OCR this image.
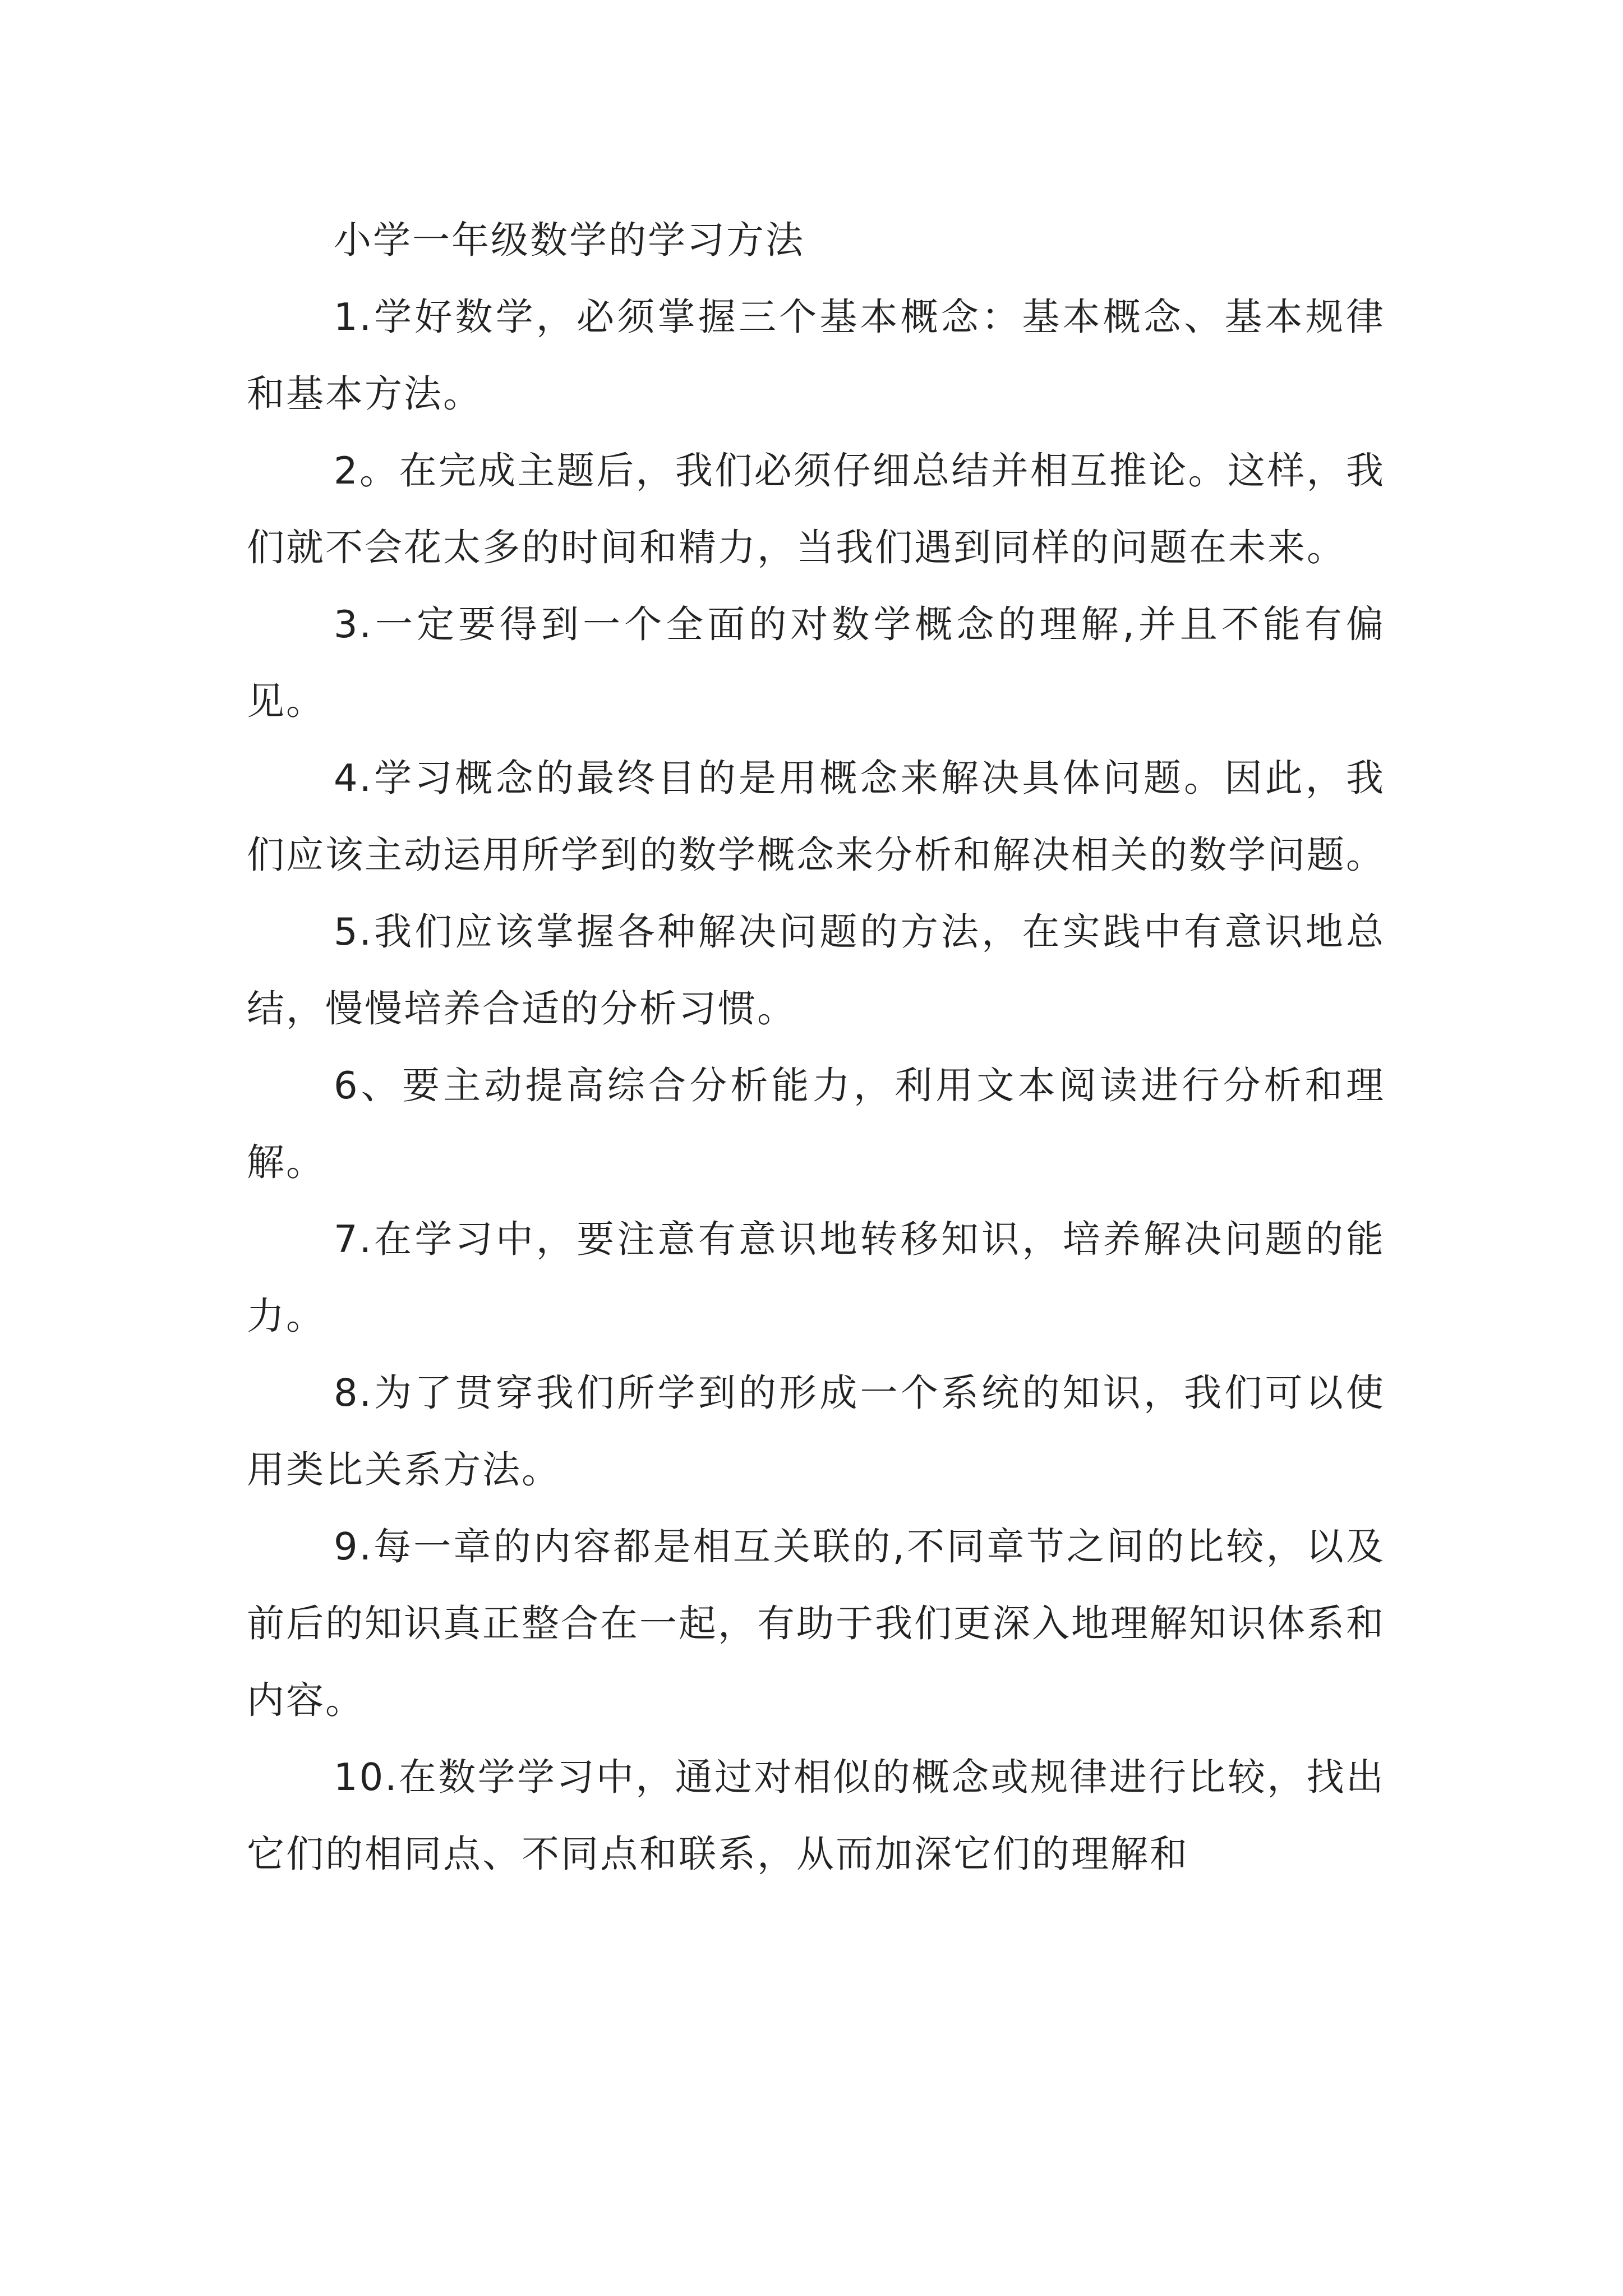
小学一年级数学的学习方法

1.学好数学，必须掌握三个基本概念：基本概念、基本规律和基本方法。

2。在完成主题后，我们必须仔细总结并相互推论。这样，我们就不会花太多的时间和精力，当我们遇到同样的问题在未来。

3.一定要得到一个全面的对数学概念的理解,并且不能有偏见。

4.学习概念的最终目的是用概念来解决具体问题。因此，我们应该主动运用所学到的数学概念来分析和解决相关的数学问题。

5.我们应该掌握各种解决问题的方法，在实践中有意识地总结，慢慢培养合适的分析习惯。

6、要主动提高综合分析能力，利用文本阅读进行分析和理解。

7.在学习中，要注意有意识地转移知识，培养解决问题的能力。

8.为了贯穿我们所学到的形成一个系统的知识，我们可以使用类比关系方法。

9.每一章的内容都是相互关联的,不同章节之间的比较，以及前后的知识真正整合在一起，有助于我们更深入地理解知识体系和内容。

10.在数学学习中，通过对相似的概念或规律进行比较，找出它们的相同点、不同点和联系，从而加深它们的理解和
